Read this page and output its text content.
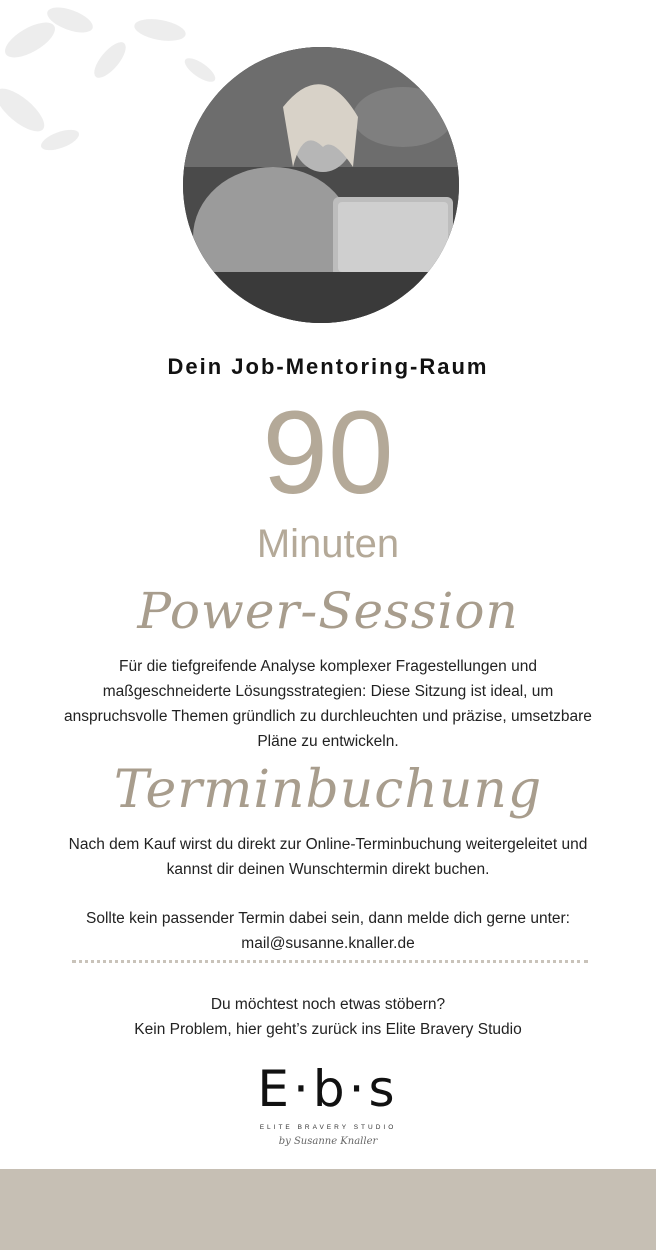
Dein Job-Mentoring-Raum
90
Minuten
Power-Session
Für die tiefgreifende Analyse komplexer Fragestellungen und maßgeschneiderte Lösungsstrategien: Diese Sitzung ist ideal, um anspruchsvolle Themen gründlich zu durchleuchten und präzise, umsetzbare Pläne zu entwickeln.
Terminbuchung
Nach dem Kauf wirst du direkt zur Online-Terminbuchung weitergeleitet und kannst dir deinen Wunschtermin direkt buchen.
Sollte kein passender Termin dabei sein, dann melde dich gerne unter:
mail@susanne.knaller.de
Du möchtest noch etwas stöbern?
Kein Problem, hier geht’s zurück ins Elite Bravery Studio
E·b·s
ELITE BRAVERY STUDIO
by Susanne Knaller
